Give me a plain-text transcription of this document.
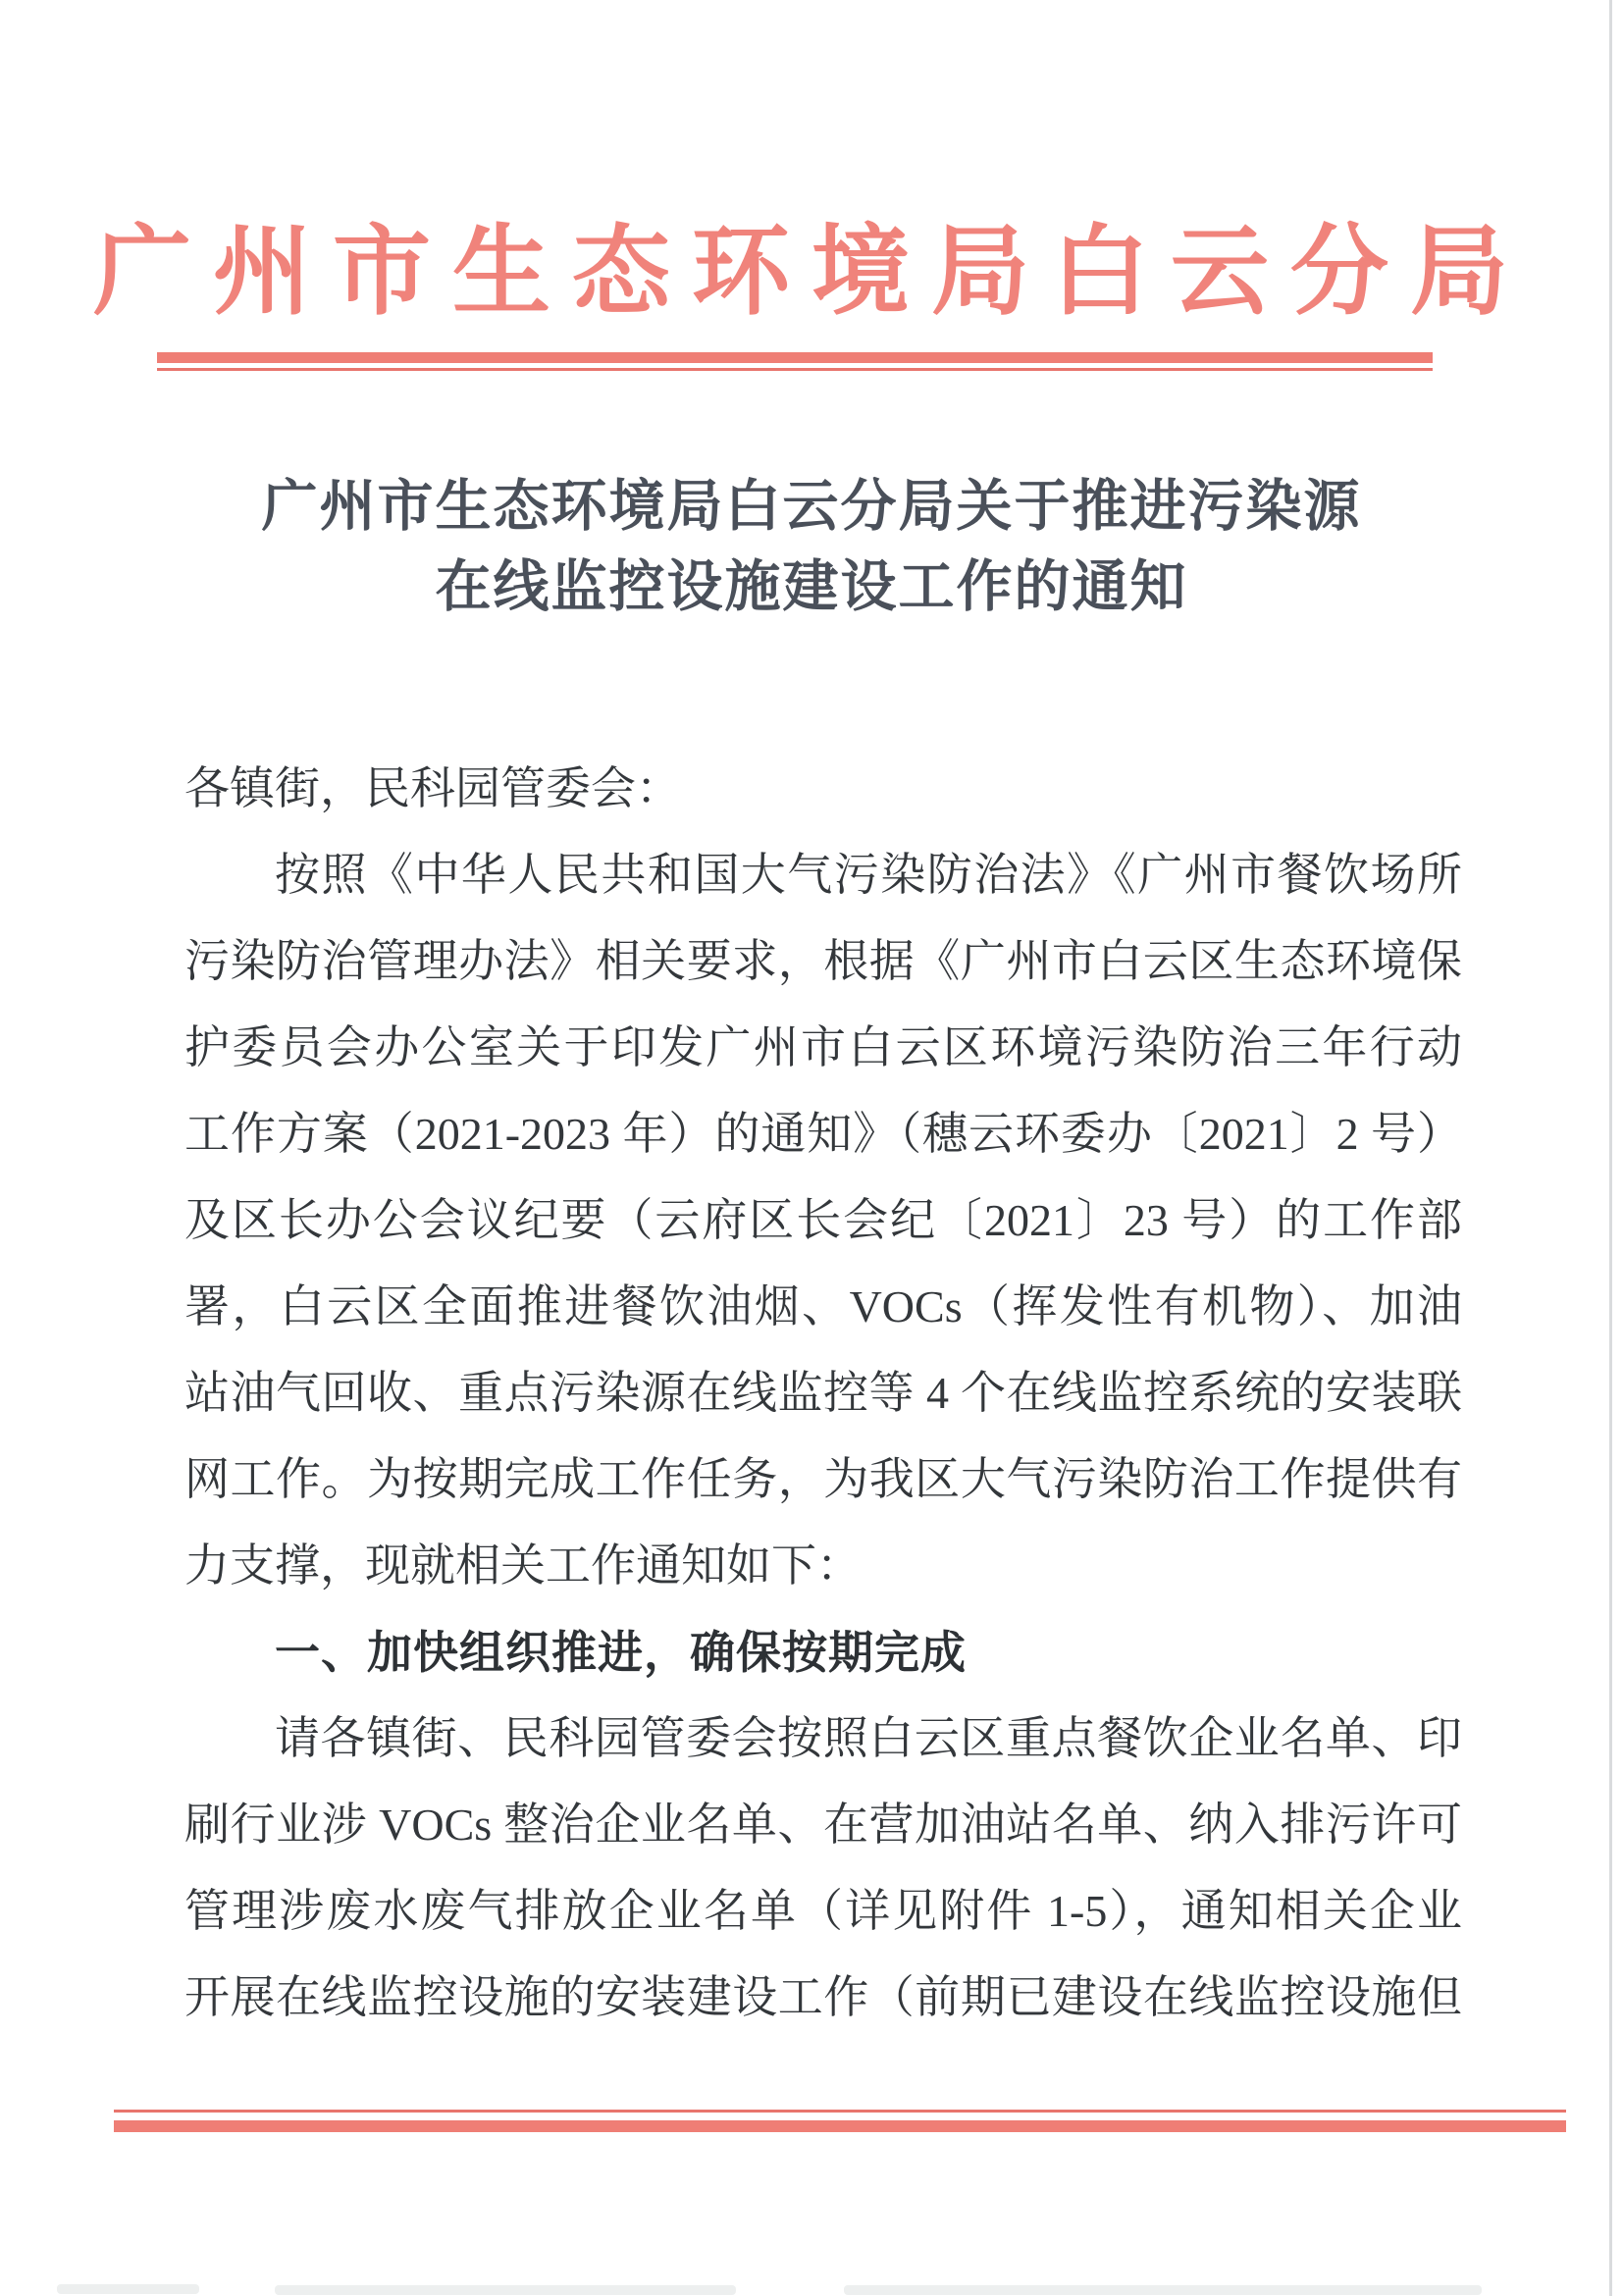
广州市生态环境局白云分局
广州市生态环境局白云分局关于推进污染源
在线监控设施建设工作的通知
各镇街，民科园管委会：
按照《中华人民共和国大气污染防治法》《广州市餐饮场所
污染防治管理办法》相关要求，根据《广州市白云区生态环境保
护委员会办公室关于印发广州市白云区环境污染防治三年行动
工作方案（2021-2023 年）的通知》（穗云环委办〔2021〕2 号）
及区长办公会议纪要（云府区长会纪〔2021〕23 号）的工作部
署，白云区全面推进餐饮油烟、VOCs（挥发性有机物）、加油
站油气回收、重点污染源在线监控等 4 个在线监控系统的安装联
网工作。为按期完成工作任务，为我区大气污染防治工作提供有
力支撑，现就相关工作通知如下：
一、加快组织推进，确保按期完成
请各镇街、民科园管委会按照白云区重点餐饮企业名单、印
刷行业涉 VOCs 整治企业名单、在营加油站名单、纳入排污许可
管理涉废水废气排放企业名单（详见附件 1-5），通知相关企业
开展在线监控设施的安装建设工作（前期已建设在线监控设施但
